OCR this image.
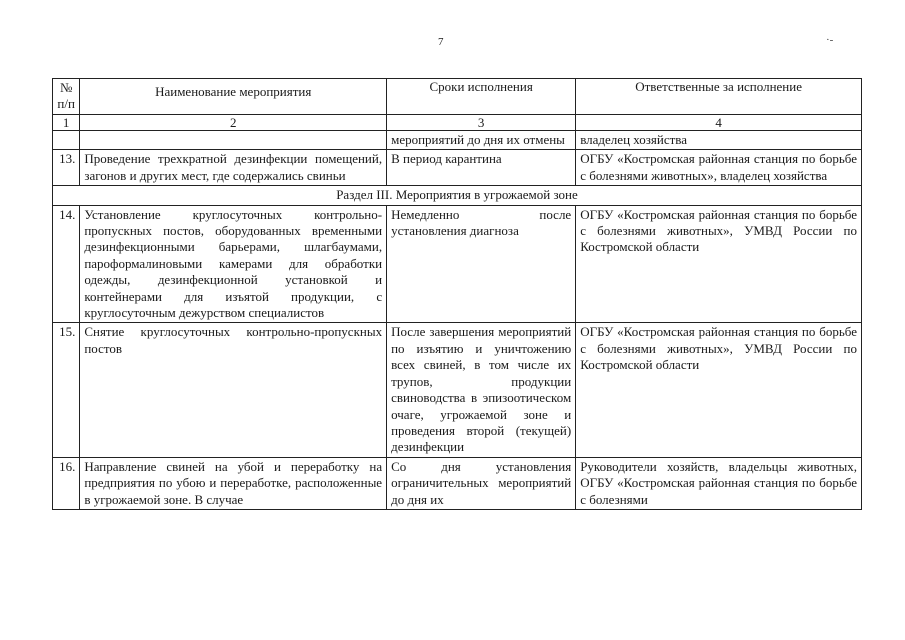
7	·-
№ п/п	Наименование мероприятия	Сроки исполнения	Ответственные за исполнение
1	2	3	4
		мероприятий до дня их отмены	владелец хозяйства
13.	Проведение трехкратной дезинфекции помещений, загонов и других мест, где содержались свиньи	В период карантина	ОГБУ «Костромская районная станция по борьбе с болезнями животных», владелец хозяйства
Раздел III. Мероприятия в угрожаемой зоне			
14.	Установление круглосуточных контрольно-пропускных постов, оборудованных временными дезинфекционными барьерами, шлагбаумами, пароформалиновыми камерами для обработки одежды, дезинфекционной установкой и контейнерами для изъятой продукции, с круглосуточным дежурством специалистов	Немедленно после установления диагноза	ОГБУ «Костромская районная станция по борьбе с болезнями животных», УМВД России по Костромской области
15.	Снятие круглосуточных контрольно-пропускных постов	После завершения мероприятий по изъятию и уничтожению всех свиней, в том числе их трупов, продукции свиноводства в эпизоотическом очаге, угрожаемой зоне и проведения второй (текущей) дезинфекции	ОГБУ «Костромская районная станция по борьбе с болезнями животных», УМВД России по Костромской области
16.	Направление свиней на убой и переработку на предприятия по убою и переработке, расположенные в угрожаемой зоне. В случае	Со дня установления ограничительных мероприятий до дня их	Руководители хозяйств, владельцы животных, ОГБУ «Костромская районная станция по борьбе с болезнями
